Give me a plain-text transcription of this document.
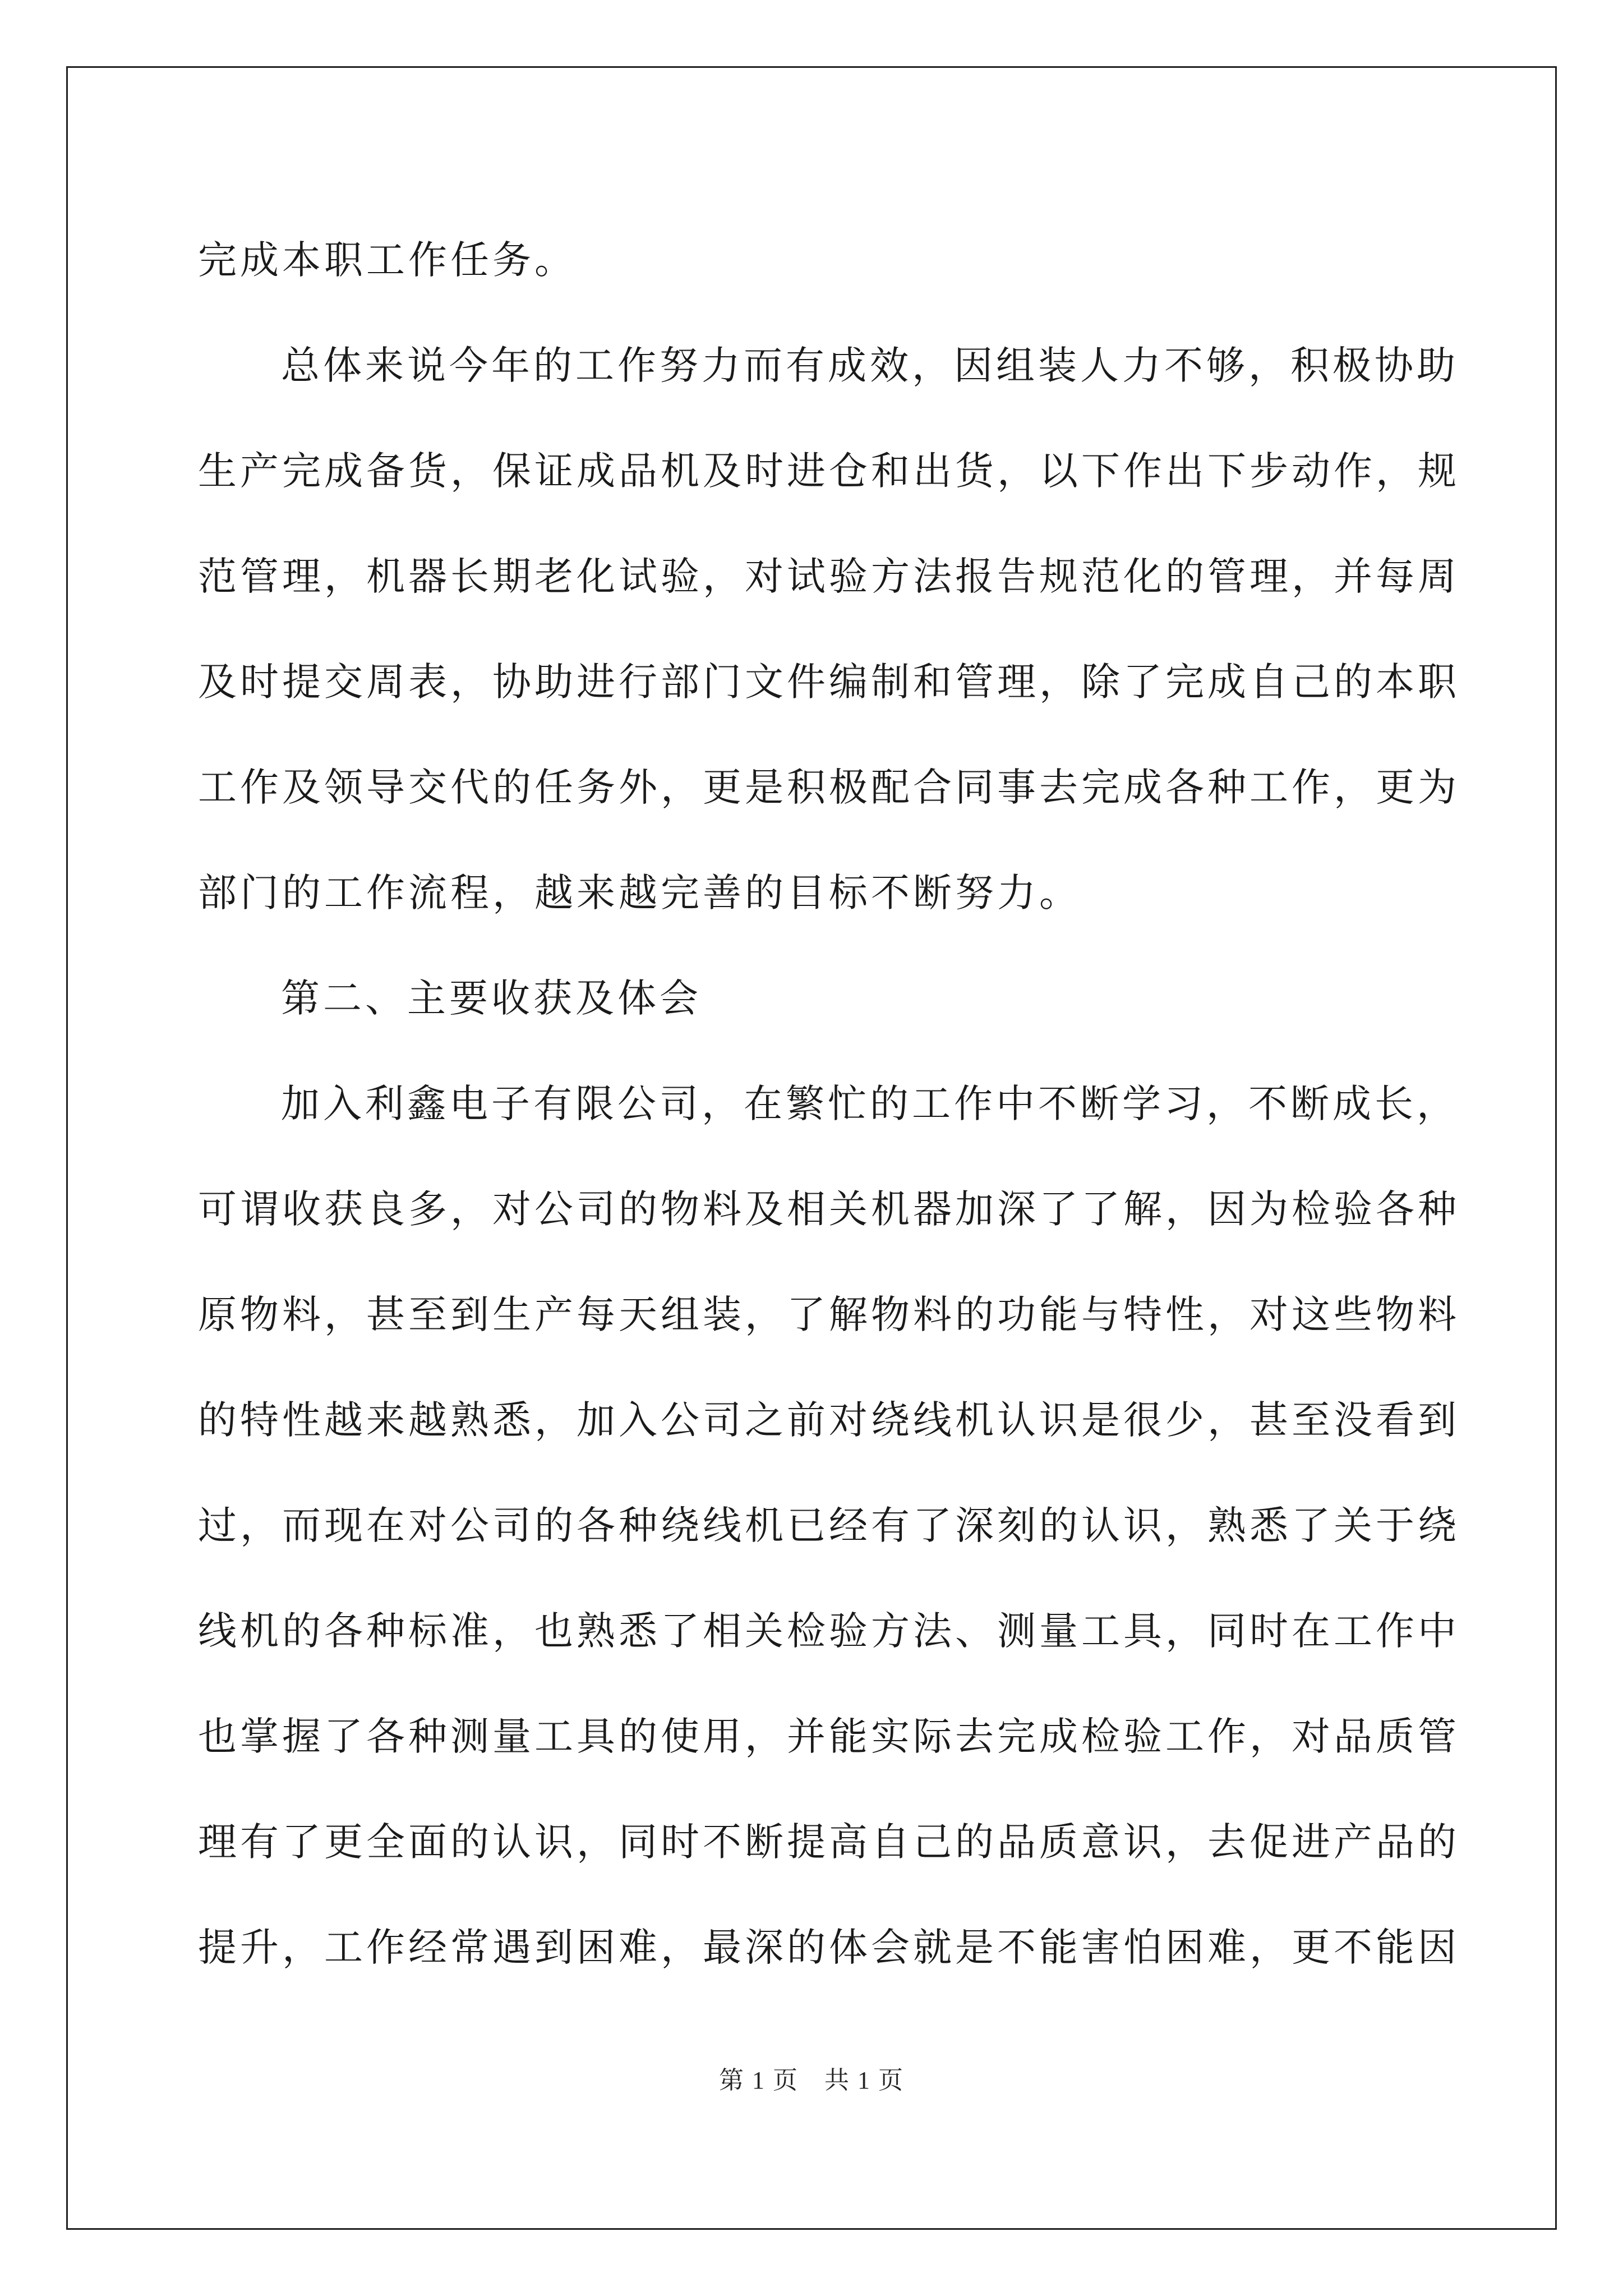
完成本职工作任务。
总体来说今年的工作努力而有成效，因组装人力不够，积极协助
生产完成备货，保证成品机及时进仓和出货，以下作出下步动作，规
范管理，机器长期老化试验，对试验方法报告规范化的管理，并每周
及时提交周表，协助进行部门文件编制和管理，除了完成自己的本职
工作及领导交代的任务外，更是积极配合同事去完成各种工作，更为
部门的工作流程，越来越完善的目标不断努力。
第二、主要收获及体会
加入利鑫电子有限公司，在繁忙的工作中不断学习，不断成长，
可谓收获良多，对公司的物料及相关机器加深了了解，因为检验各种
原物料，甚至到生产每天组装，了解物料的功能与特性，对这些物料
的特性越来越熟悉，加入公司之前对绕线机认识是很少，甚至没看到
过，而现在对公司的各种绕线机已经有了深刻的认识，熟悉了关于绕
线机的各种标准，也熟悉了相关检验方法、测量工具，同时在工作中
也掌握了各种测量工具的使用，并能实际去完成检验工作，对品质管
理有了更全面的认识，同时不断提高自己的品质意识，去促进产品的
提升，工作经常遇到困难，最深的体会就是不能害怕困难，更不能因
第 1 页　共 1 页
